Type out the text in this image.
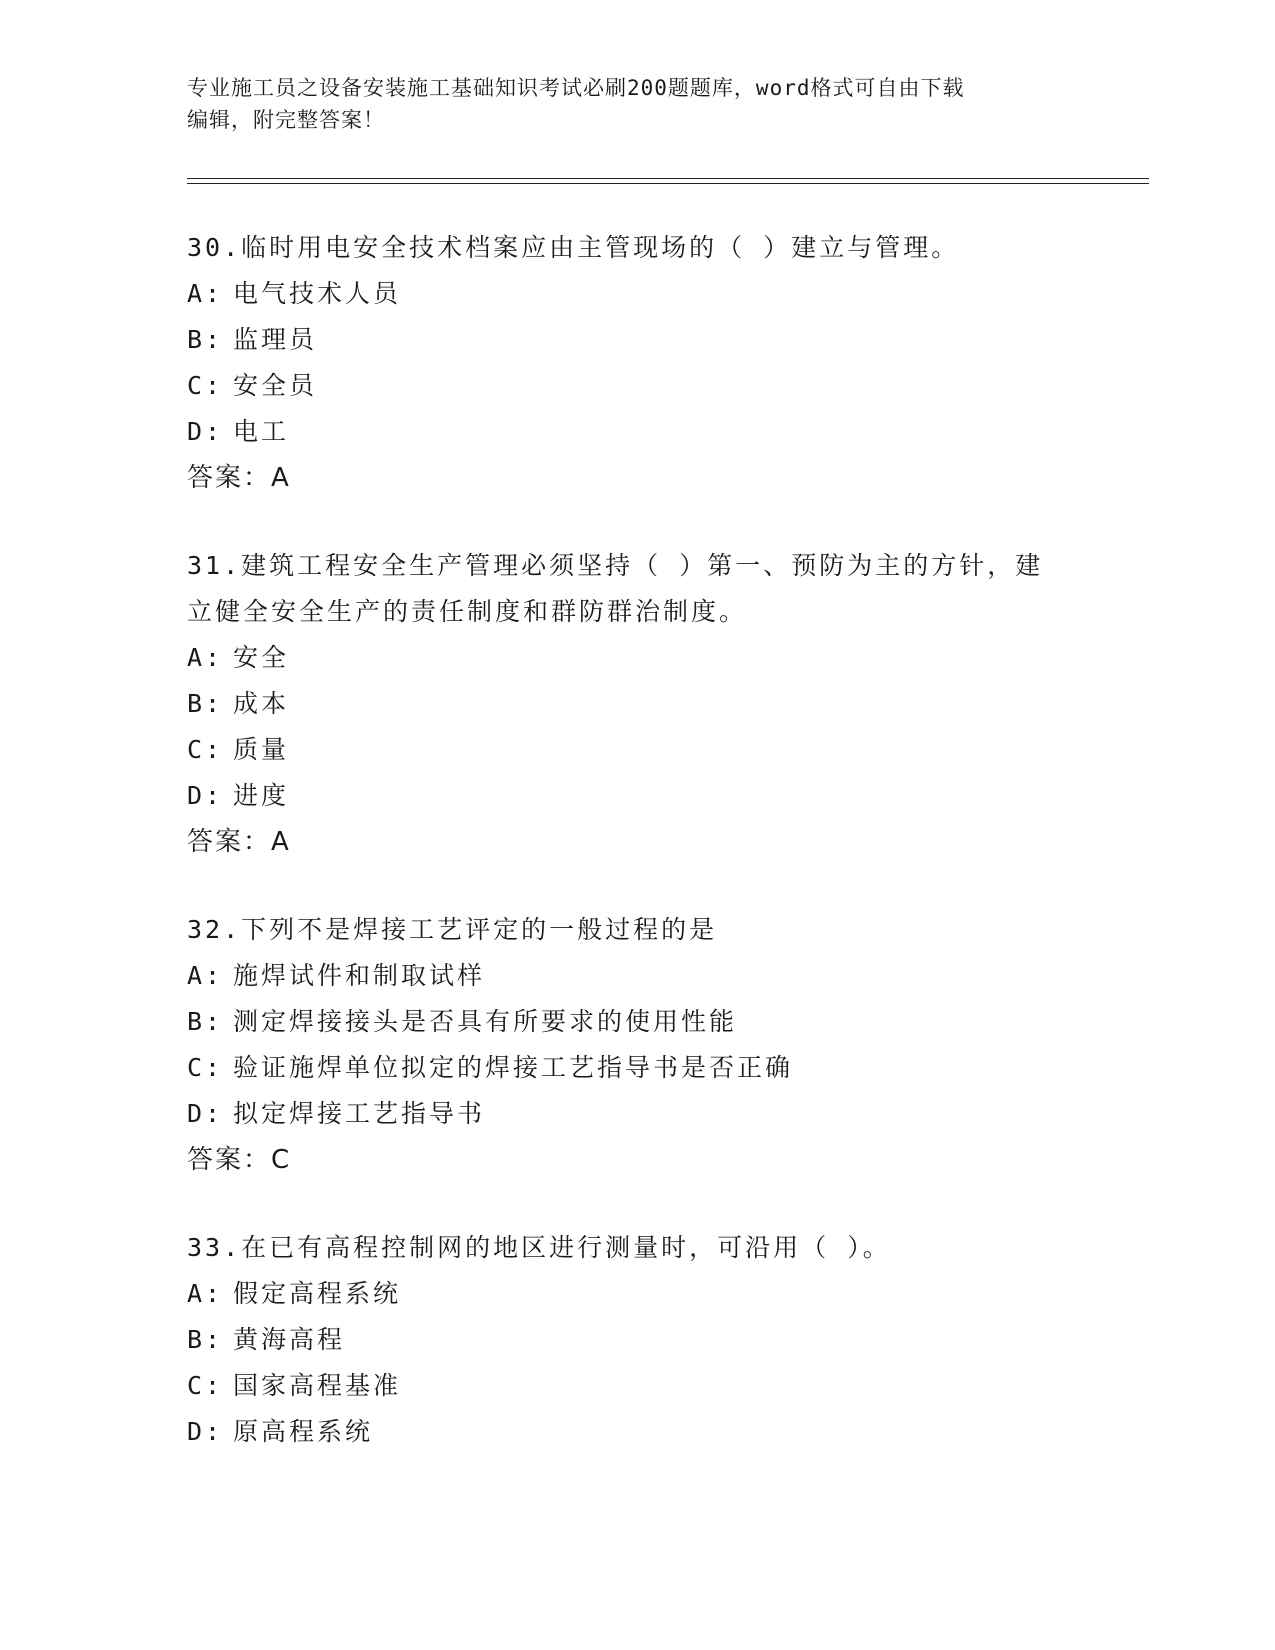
专业施工员之设备安装施工基础知识考试必刷200题题库，word格式可自由下载
编辑，附完整答案！
30.临时用电安全技术档案应由主管现场的（ ）建立与管理。
A: 电气技术人员
B: 监理员
C: 安全员
D: 电工
答案：A
31.建筑工程安全生产管理必须坚持（ ）第一、预防为主的方针，建立健全安全生产的责任制度和群防群治制度。
A: 安全
B: 成本
C: 质量
D: 进度
答案：A
32.下列不是焊接工艺评定的一般过程的是
A: 施焊试件和制取试样
B: 测定焊接接头是否具有所要求的使用性能
C: 验证施焊单位拟定的焊接工艺指导书是否正确
D: 拟定焊接工艺指导书
答案：C
33.在已有高程控制网的地区进行测量时，可沿用（ ）。
A: 假定高程系统
B: 黄海高程
C: 国家高程基准
D: 原高程系统
